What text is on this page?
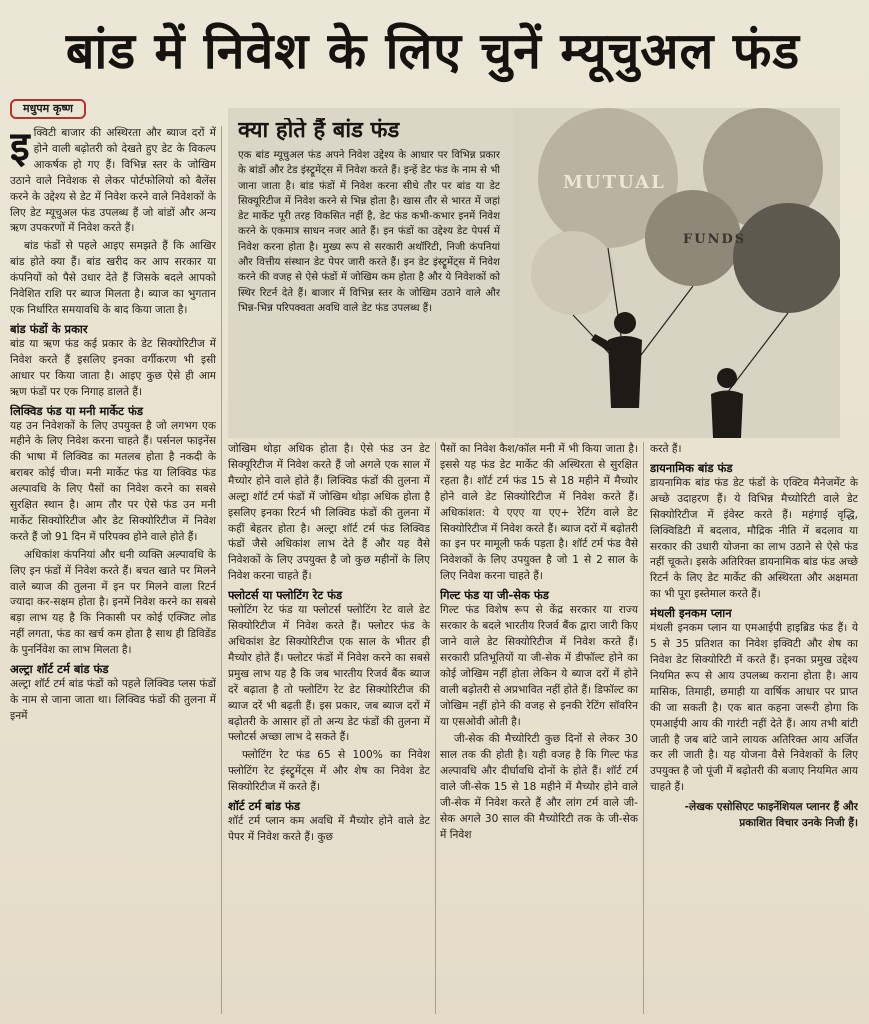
बांड में निवेश के लिए चुनें म्यूचुअल फंड
मधुपम कृष्ण

इक्विटी बाजार की अस्थिरता और ब्याज दरों में होने वाली बढ़ोतरी को देखते हुए डेट के विकल्प आकर्षक हो गए हैं। विभिन्न स्तर के जोखिम उठाने वाले निवेशक से लेकर पोर्टफोलियो को बैलेंस करने के उद्देश्य से डेट में निवेश करने वाले निवेशकों के लिए डेट म्यूचुअल फंड उपलब्ध हैं जो बांडों और अन्य ऋण उपकरणों में निवेश करते हैं।

बांड फंडों से पहले आइए समझते हैं कि आखिर बांड होते क्या हैं। बांड खरीद कर आप सरकार या कंपनियों को पैसे उधार देते हैं जिसके बदले आपको निवेशित राशि पर ब्याज मिलता है। ब्याज का भुगतान एक निर्धारित समयावधि के बाद किया जाता है।

बांड फंडों के प्रकार

बांड या ऋण फंड कई प्रकार के डेट सिक्योरिटीज में निवेश करते हैं इसलिए इनका वर्गीकरण भी इसी आधार पर किया जाता है। आइए कुछ ऐसे ही आम ऋण फंडों पर एक निगाह डालते हैं।

लिक्विड फंड या मनी मार्केट फंड

यह उन निवेशकों के लिए उपयुक्त है जो लगभग एक महीने के लिए निवेश करना चाहते हैं। पर्सनल फाइनेंस की भाषा में लिक्विड का मतलब होता है नकदी के बराबर कोई चीज। मनी मार्केट फंड या लिक्विड फंड अल्पावधि के लिए पैसों का निवेश करने का सबसे सुरक्षित स्थान है। आम तौर पर ऐसे फंड उन मनी मार्केट सिक्योरिटीज और डेट सिक्योरिटीज में निवेश करते हैं जो 91 दिन में परिपक्व होने वाले होते हैं।

अधिकांश कंपनियां और धनी व्यक्ति अल्पावधि के लिए इन फंडों में निवेश करते हैं। बचत खाते पर मिलने वाले ब्याज की तुलना में इन पर मिलने वाला रिटर्न ज्यादा कर-सक्षम होता है। इनमें निवेश करने का सबसे बड़ा लाभ यह है कि निकासी पर कोई एक्जिट लोड नहीं लगता, फंड का खर्च कम होता है साथ ही डिविडेंड के पुनर्निवेश का लाभ मिलता है।

अल्ट्रा शॉर्ट टर्म बांड फंड

अल्ट्रा शॉर्ट टर्म बांड फंडों को पहले लिक्विड प्लस फंडों के नाम से जाना जाता था। लिक्विड फंडों की तुलना में इनमें

क्या होते हैं बांड फंड

एक बांड म्यूचुअल फंड अपने निवेश उद्देश्य के आधार पर विभिन्न प्रकार के बांडों और टेड इंस्ट्रूमेंट्स में निवेश करते हैं। इन्हें डेट फंड के नाम से भी जाना जाता है। बांड फंडों में निवेश करना सीधे तौर पर बांड या डेट सिक्यूरिटीज में निवेश करने से भिन्न होता है। खास तौर से भारत में जहां डेट मार्केट पूरी तरह विकसित नहीं है, डेट फंड कभी-कभार इनमें निवेश करने के एकमात्र साधन नजर आते हैं। इन फंडों का उद्देश्य डेट पेपर्स में निवेश करना होता है। मुख्य रूप से सरकारी अथॉरिटी, निजी कंपनियां और वित्तीय संस्थान डेट पेपर जारी करते हैं। इन डेट इंस्ट्रूमेंट्स में निवेश करने की वजह से ऐसे फंडों में जोखिम कम होता है और ये निवेशकों को स्थिर रिटर्न देते हैं। बाजार में विभिन्न स्तर के जोखिम उठाने वाले और भिन्न-भिन्न परिपक्वता अवधि वाले डेट फंड उपलब्ध हैं।

MUTUAL
FUNDS

जोखिम थोड़ा अधिक होता है। ऐसे फंड उन डेट सिक्यूरिटीज में निवेश करते हैं जो अगले एक साल में मैच्योर होने वाले होते हैं। लिक्विड फंडों की तुलना में अल्ट्रा शॉर्ट टर्म फंडों में जोखिम थोड़ा अधिक होता है इसलिए इनका रिटर्न भी लिक्विड फंडों की तुलना में कहीं बेहतर होता है। अल्ट्रा शॉर्ट टर्म फंड लिक्विड फंडों जैसे अधिकांश लाभ देते हैं और यह वैसे निवेशकों के लिए उपयुक्त है जो कुछ महीनों के लिए निवेश करना चाहते हैं।

फ्लोटर्स या फ्लोटिंग रेट फंड

फ्लोटिंग रेट फंड या फ्लोटर्स फ्लोटिंग रेट वाले डेट सिक्योरिटीज में निवेश करते हैं। फ्लोटर फंड के अधिकांश डेट सिक्योरिटीज एक साल के भीतर ही मैच्योर होते हैं। फ्लोटर फंडों में निवेश करने का सबसे प्रमुख लाभ यह है कि जब भारतीय रिजर्व बैंक ब्याज दरें बढ़ाता है तो फ्लोटिंग रेट डेट सिक्योरिटीज की ब्याज दरें भी बढ़ती हैं। इस प्रकार, जब ब्याज दरों में बढ़ोतरी के आसार हों तो अन्य डेट फंडों की तुलना में फ्लोटर्स अच्छा लाभ दे सकते हैं।

फ्लोटिंग रेट फंड 65 से 100% का निवेश फ्लोटिंग रेट इंस्ट्रूमेंट्स में और शेष का निवेश डेट सिक्योरिटीज में करते हैं।

शॉर्ट टर्म बांड फंड

शॉर्ट टर्म प्लान कम अवधि में मैच्योर होने वाले डेट पेपर में निवेश करते हैं। कुछ

पैसों का निवेश कैश/कॉल मनी में भी किया जाता है। इससे यह फंड डेट मार्केट की अस्थिरता से सुरक्षित रहता है। शॉर्ट टर्म फंड 15 से 18 महीने में मैच्योर होने वाले डेट सिक्योरिटीज में निवेश करते हैं। अधिकांशत: ये एएए या एए+ रेटिंग वाले डेट सिक्योरिटीज में निवेश करते हैं। ब्याज दरों में बढ़ोतरी का इन पर मामूली फर्क पड़ता है। शॉर्ट टर्म फंड वैसे निवेशकों के लिए उपयुक्त है जो 1 से 2 साल के लिए निवेश करना चाहते हैं।

गिल्ट फंड या जी-सेक फंड

गिल्ट फंड विशेष रूप से केंद्र सरकार या राज्य सरकार के बदले भारतीय रिजर्व बैंक द्वारा जारी किए जाने वाले डेट सिक्योरिटीज में निवेश करते हैं। सरकारी प्रतिभूतियों या जी-सेक में डीफॉल्ट होने का कोई जोखिम नहीं होता लेकिन ये ब्याज दरों में होने वाली बढ़ोतरी से अप्रभावित नहीं होते हैं। डिफॉल्ट का जोखिम नहीं होने की वजह से इनकी रेटिंग सॉवरिन या एसओवी ओती है।

जी-सेक की मैच्योरिटी कुछ दिनों से लेकर 30 साल तक की होती है। यही वजह है कि गिल्ट फंड अल्पावधि और दीर्घावधि दोनों के होते हैं। शॉर्ट टर्म वाले जी-सेक 15 से 18 महीने में मैच्योर होने वाले जी-सेक में निवेश करते हैं और लांग टर्म वाले जी-सेक अगले 30 साल की मैच्योरिटी तक के जी-सेक में निवेश

करते हैं।

डायनामिक बांड फंड

डायनामिक बांड फंड डेट फंडों के एक्टिव मैनेजमेंट के अच्छे उदाहरण हैं। ये विभिन्न मैच्योरिटी वाले डेट सिक्योरिटीज में इंवेस्ट करते हैं। महंगाई वृद्धि, लिक्विडिटी में बदलाव, मौद्रिक नीति में बदलाव या सरकार की उधारी योजना का लाभ उठाने से ऐसे फंड नहीं चूकते। इसके अतिरिक्त डायनामिक बांड फंड अच्छे रिटर्न के लिए डेट मार्केट की अस्थिरता और अक्षमता का भी पूरा इस्तेमाल करते हैं।

मंथली इनकम प्लान

मंथली इनकम प्लान या एमआईपी हाइब्रिड फंड हैं। ये 5 से 35 प्रतिशत का निवेश इक्विटी और शेष का निवेश डेट सिक्योरिटी में करते हैं। इनका प्रमुख उद्देश्य नियमित रूप से आय उपलब्ध कराना होता है। आय मासिक, तिमाही, छमाही या वार्षिक आधार पर प्राप्त की जा सकती है। एक बात कहना जरूरी होगा कि एमआईपी आय की गारंटी नहीं देते हैं। आय तभी बांटी जाती है जब बांटे जाने लायक अतिरिक्त आय अर्जित कर ली जाती है। यह योजना वैसे निवेशकों के लिए उपयुक्त है जो पूंजी में बढ़ोतरी की बजाए नियमित आय चाहते हैं।

-लेखक एसोसिएट फाइनेंशियल प्लानर हैं और प्रकाशित विचार उनके निजी हैं।
